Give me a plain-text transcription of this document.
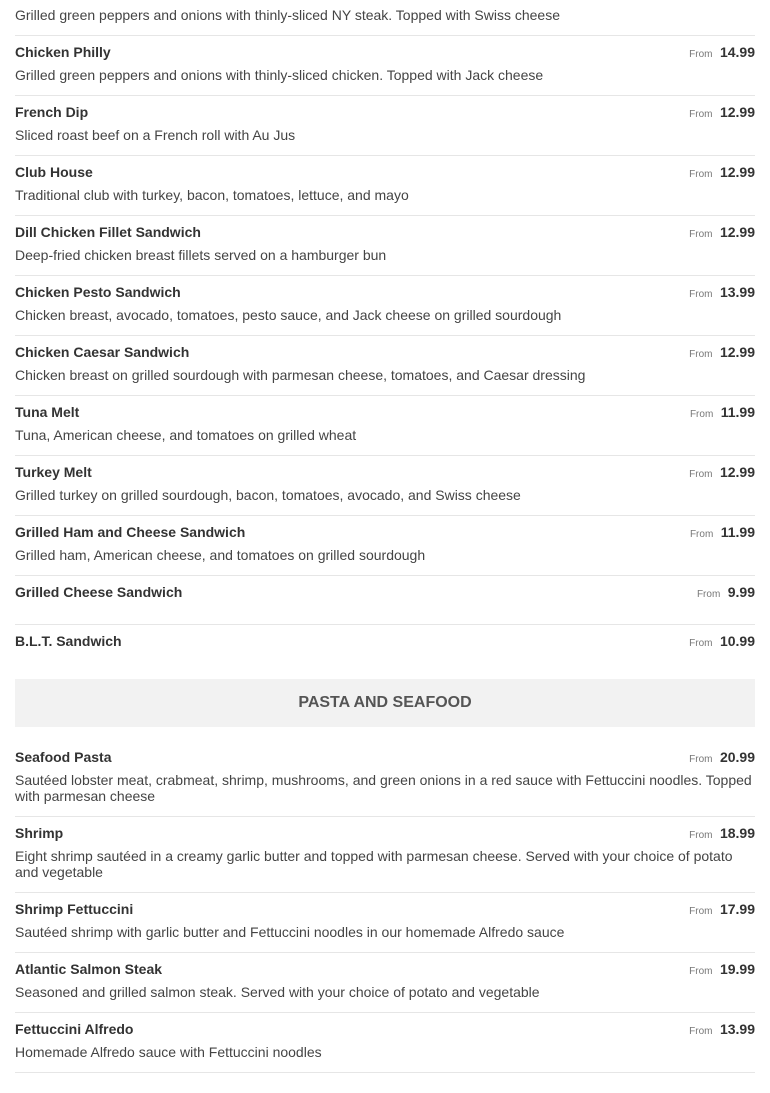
Grilled green peppers and onions with thinly-sliced NY steak. Topped with Swiss cheese
Chicken Philly	From 14.99
Grilled green peppers and onions with thinly-sliced chicken. Topped with Jack cheese
French Dip	From 12.99
Sliced roast beef on a French roll with Au Jus
Club House	From 12.99
Traditional club with turkey, bacon, tomatoes, lettuce, and mayo
Dill Chicken Fillet Sandwich	From 12.99
Deep-fried chicken breast fillets served on a hamburger bun
Chicken Pesto Sandwich	From 13.99
Chicken breast, avocado, tomatoes, pesto sauce, and Jack cheese on grilled sourdough
Chicken Caesar Sandwich	From 12.99
Chicken breast on grilled sourdough with parmesan cheese, tomatoes, and Caesar dressing
Tuna Melt	From 11.99
Tuna, American cheese, and tomatoes on grilled wheat
Turkey Melt	From 12.99
Grilled turkey on grilled sourdough, bacon, tomatoes, avocado, and Swiss cheese
Grilled Ham and Cheese Sandwich	From 11.99
Grilled ham, American cheese, and tomatoes on grilled sourdough
Grilled Cheese Sandwich	From 9.99
B.L.T. Sandwich	From 10.99
PASTA AND SEAFOOD
Seafood Pasta	From 20.99
Sautéed lobster meat, crabmeat, shrimp, mushrooms, and green onions in a red sauce with Fettuccini noodles. Topped with parmesan cheese
Shrimp	From 18.99
Eight shrimp sautéed in a creamy garlic butter and topped with parmesan cheese. Served with your choice of potato and vegetable
Shrimp Fettuccini	From 17.99
Sautéed shrimp with garlic butter and Fettuccini noodles in our homemade Alfredo sauce
Atlantic Salmon Steak	From 19.99
Seasoned and grilled salmon steak. Served with your choice of potato and vegetable
Fettuccini Alfredo	From 13.99
Homemade Alfredo sauce with Fettuccini noodles
